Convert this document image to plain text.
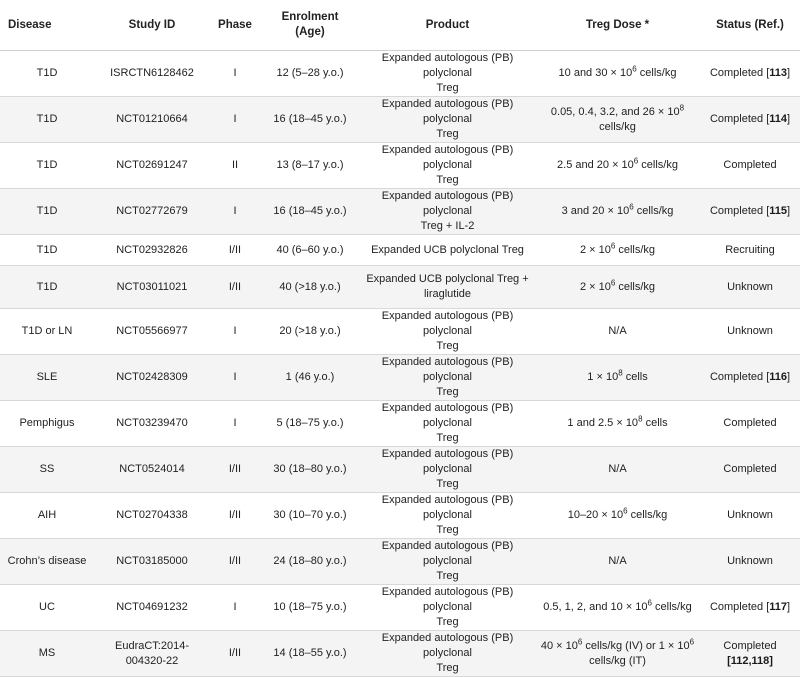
Disease	Study ID	Phase	Enrolment
(Age)	Product	Treg Dose *	Status (Ref.)
T1D	ISRCTN6128462	I	12 (5–28 y.o.)	Expanded autologous (PB) polyclonal
Treg	10 and $30 \times 10^6$ cells/kg	Completed [113]
T1D	NCT01210664	I	16 (18–45 y.o.)	Expanded autologous (PB) polyclonal
Treg	0.05, 0.4, 3.2, and $26 \times 10^8$
cells/kg	Completed [114]
T1D	NCT02691247	II	13 (8–17 y.o.)	Expanded autologous (PB) polyclonal
Treg	2.5 and $20 \times 10^6$ cells/kg	Completed
T1D	NCT02772679	I	16 (18–45 y.o.)	Expanded autologous (PB) polyclonal
Treg + IL-2	3 and $20 \times 10^6$ cells/kg	Completed [115]
T1D	NCT02932826	I/II	40 (6–60 y.o.)	Expanded UCB polyclonal Treg	$2 \times 10^6$ cells/kg	Recruiting
T1D	NCT03011021	I/II	40 (>18 y.o.)	Expanded UCB polyclonal Treg +
liraglutide	$2 \times 10^6$ cells/kg	Unknown
T1D or LN	NCT05566977	I	20 (>18 y.o.)	Expanded autologous (PB) polyclonal
Treg	N/A	Unknown
SLE	NCT02428309	I	1 (46 y.o.)	Expanded autologous (PB) polyclonal
Treg	$1 \times 10^8$ cells	Completed [116]
Pemphigus	NCT03239470	I	5 (18–75 y.o.)	Expanded autologous (PB) polyclonal
Treg	1 and $2.5 \times 10^8$ cells	Completed
SS	NCT0524014	I/II	30 (18–80 y.o.)	Expanded autologous (PB) polyclonal
Treg	N/A	Completed
AIH	NCT02704338	I/II	30 (10–70 y.o.)	Expanded autologous (PB) polyclonal
Treg	$10-20 \times 10^6$ cells/kg	Unknown
Crohn’s disease	NCT03185000	I/II	24 (18–80 y.o.)	Expanded autologous (PB) polyclonal
Treg	N/A	Unknown
UC	NCT04691232	I	10 (18–75 y.o.)	Expanded autologous (PB) polyclonal
Treg	0.5, 1, 2, and $10 \times 10^6$ cells/kg	Completed [117]
MS	EudraCT:2014-004320-22	I/II	14 (18–55 y.o.)	Expanded autologous (PB) polyclonal
Treg	$40 \times 10^6$ cells/kg (IV) or $1 \times 10^6$
cells/kg (IT)	Completed
[112,118]
